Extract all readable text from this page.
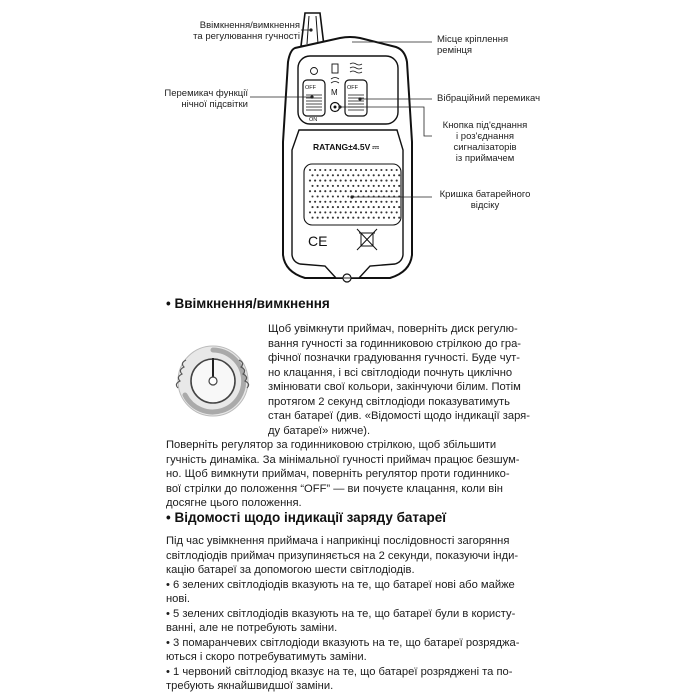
CE
RATANG±4.5V ⎓
OFF
ON
OFF
M
Ввімкнення/вимкнення
та регулювання гучності	Місце кріплення
ремінця
Перемикач функції
нічної підсвітки
Вібраційний перемикач
Кнопка під'єднання
і роз'єднання
сигналізаторів
із приймачем
Кришка батарейного
відсіку
• Ввімкнення/вимкнення
Щоб увімкнути приймач, поверніть диск регулю-
вання гучності за годинниковою стрілкою до гра-
фічної позначки градуювання гучності. Буде чут-
но клацання, і всі світлодіоди почнуть циклічно
змінювати свої кольори, закінчуючи білим. Потім
протягом 2 секунд світлодіоди показуватимуть
стан батареї (див. «Відомості щодо індикації заря-
ду батареї» нижче).
Поверніть регулятор за годинниковою стрілкою, щоб збільшити
гучність динаміка. За мінімальної гучності приймач працює безшум-
но. Щоб вимкнути приймач, поверніть регулятор проти годиннико-
вої стрілки до положення “OFF” — ви почуєте клацання, коли він
досягне цього положення.
• Відомості щодо індикації заряду батареї
Під час увімкнення приймача і наприкінці послідовності загоряння
світлодіодів приймач призупиняється на 2 секунди, показуючи інди-
кацію батареї за допомогою шести світлодіодів.
• 6 зелених світлодіодів вказують на те, що батареї нові або майже
нові.
• 5 зелених світлодіодів вказують на те, що батареї були в користу-
ванні, але не потребують заміни.
• 3 помаранчевих світлодіоди вказують на те, що батареї розряджа-
ються і скоро потребуватимуть заміни.
• 1 червоний світлодіод вказує на те, що батареї розряджені та по-
требують якнайшвидшої заміни.
